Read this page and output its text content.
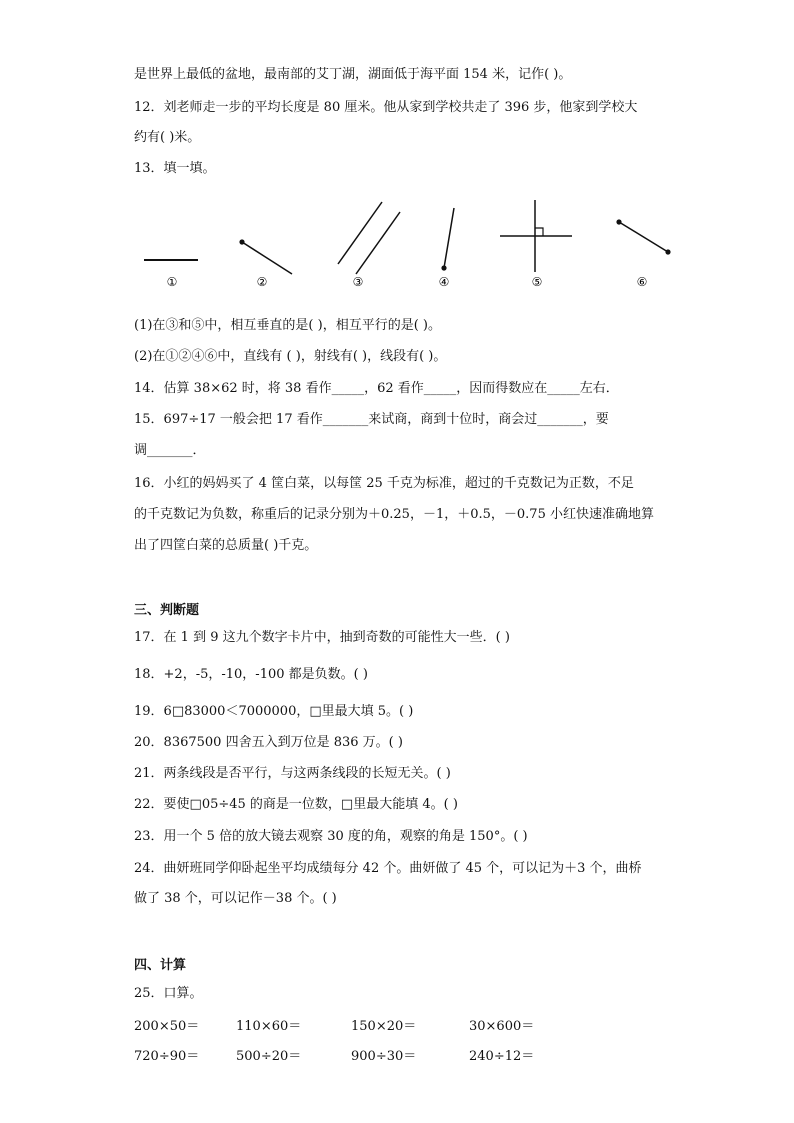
是世界上最低的盆地，最南部的艾丁湖，湖面低于海平面 154 米，记作( )。
12．刘老师走一步的平均长度是 80 厘米。他从家到学校共走了 396 步，他家到学校大
约有( )米。
13．填一填。
①	②	③	④	⑤	⑥
(1)在③和⑤中，相互垂直的是( )，相互平行的是( )。
(2)在①②④⑥中，直线有 ( )，射线有( )，线段有( )。
14．估算 38×62 时，将 38 看作_____，62 看作_____，因而得数应在_____左右．
15．697÷17 一般会把 17 看作_______来试商，商到十位时，商会过_______，要
调_______．
16．小红的妈妈买了 4 筐白菜，以每筐 25 千克为标准，超过的千克数记为正数，不足
的千克数记为负数，称重后的记录分别为＋0.25，－1，＋0.5，－0.75 小红快速准确地算
出了四筐白菜的总质量( )千克。
三、判断题
17．在 1 到 9 这九个数字卡片中，抽到奇数的可能性大一些．( )
18．+2，-5，-10，-100 都是负数。( )
19．6□83000＜7000000，□里最大填 5。( )
20．8367500 四舍五入到万位是 836 万。( )
21．两条线段是否平行，与这两条线段的长短无关。( )
22．要使□05÷45 的商是一位数，□里最大能填 4。( )
23．用一个 5 倍的放大镜去观察 30 度的角，观察的角是 150°。( )
24．曲妍班同学仰卧起坐平均成绩每分 42 个。曲妍做了 45 个，可以记为＋3 个，曲桥
做了 38 个，可以记作－38 个。( )
四、计算
25．口算。
200×50＝	110×60＝	150×20＝	30×600＝
720÷90＝	500÷20＝	900÷30＝	240÷12＝
